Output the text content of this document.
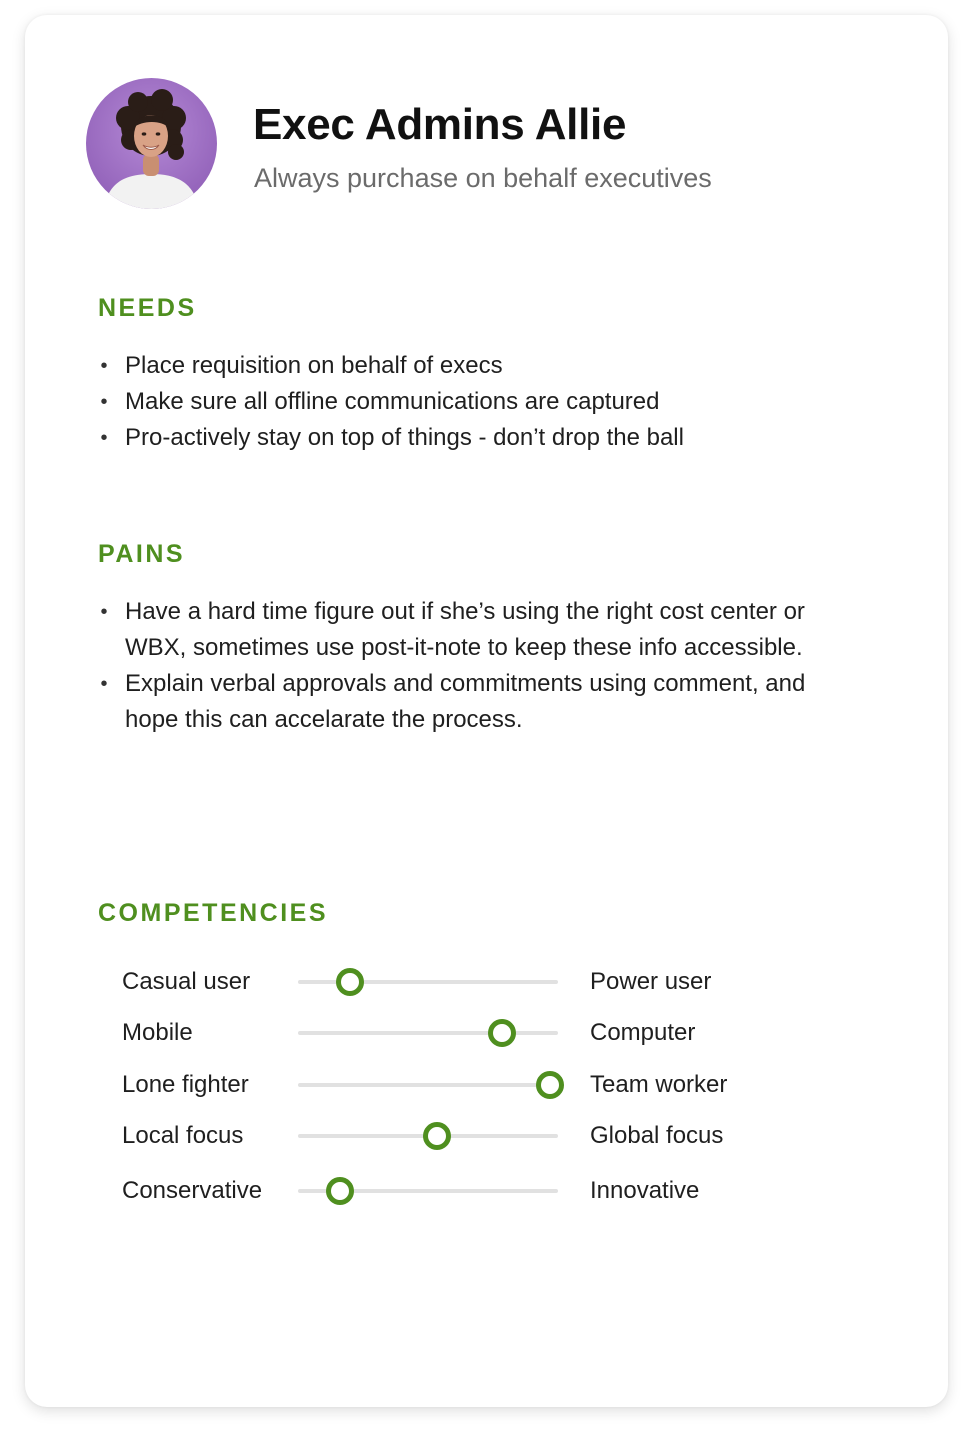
Exec Admins Allie
Always purchase on behalf executives
NEEDS
• Place requisition on behalf of execs
• Make sure all offline communications are captured
• Pro-actively stay on top of things - don’t drop the ball
PAINS
• Have a hard time figure out if she’s using the right cost center or WBX, sometimes use post-it-note to keep these info accessible.
• Explain verbal approvals and commitments using comment, and hope this can accelarate the process.
COMPETENCIES
Casual user	Power user
Mobile	Computer
Lone fighter	Team worker
Local focus	Global focus
Conservative	Innovative
